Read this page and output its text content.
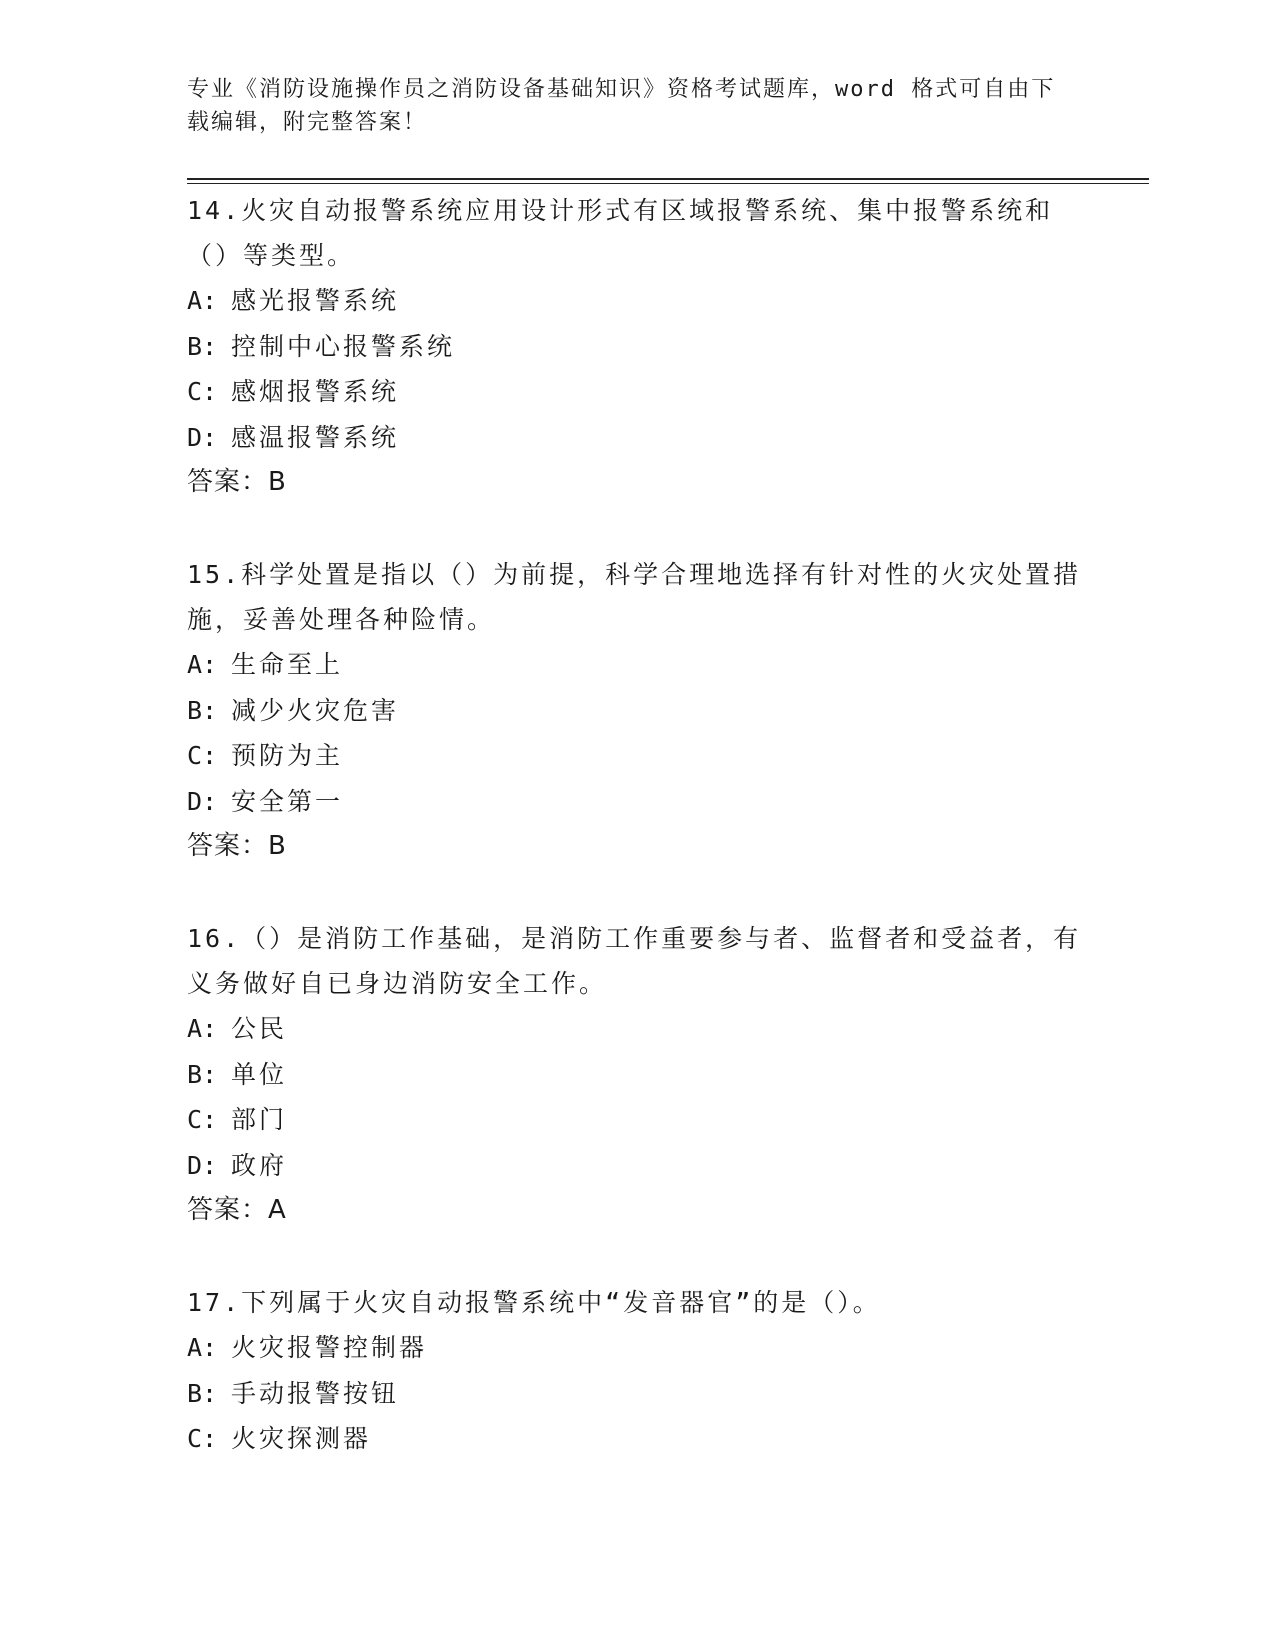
专业《消防设施操作员之消防设备基础知识》资格考试题库，word 格式可自由下载编辑，附完整答案！
14.火灾自动报警系统应用设计形式有区域报警系统、集中报警系统和（）等类型。
A: 感光报警系统
B: 控制中心报警系统
C: 感烟报警系统
D: 感温报警系统
答案：B
15.科学处置是指以（）为前提，科学合理地选择有针对性的火灾处置措施，妥善处理各种险情。
A: 生命至上
B: 减少火灾危害
C: 预防为主
D: 安全第一
答案：B
16.（）是消防工作基础，是消防工作重要参与者、监督者和受益者，有义务做好自已身边消防安全工作。
A: 公民
B: 单位
C: 部门
D: 政府
答案：A
17.下列属于火灾自动报警系统中“发音器官”的是（）。
A: 火灾报警控制器
B: 手动报警按钮
C: 火灾探测器
